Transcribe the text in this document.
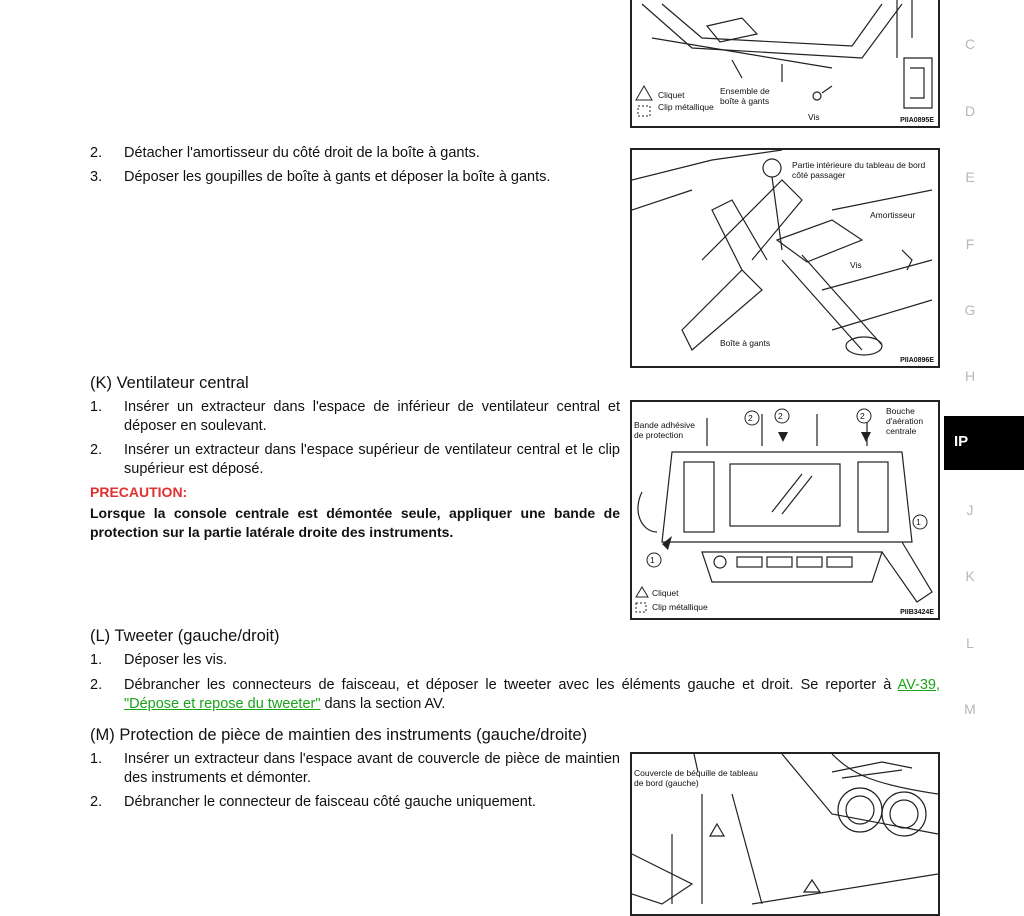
Cliquet
Clip métallique
Ensemble de boîte à gants
Vis	PIIA0895E
2. Détacher l'amortisseur du côté droit de la boîte à gants.
3. Déposer les goupilles de boîte à gants et déposer la boîte à gants.
Partie intérieure du tableau de bord côté passager
Amortisseur
Vis
Boîte à gants
PIIA0896E
(K) Ventilateur central
1. Insérer un extracteur dans l'espace de inférieur de ventilateur central et déposer en soulevant.
2. Insérer un extracteur dans l'espace supérieur de ventilateur central et le clip supérieur est déposé.
PRECAUTION:
Lorsque la console centrale est démontée seule, appliquer une bande de protection sur la partie latérale droite des instruments.
2	2	2
1
1
Bande adhésive de protection
Bouche d'aération centrale
Cliquet
Clip métallique
PIIB3424E
(L) Tweeter (gauche/droit)
1. Déposer les vis.
2. Débrancher les connecteurs de faisceau, et déposer le tweeter avec les éléments gauche et droit. Se reporter à AV-39, "Dépose et repose du tweeter" dans la section AV.
(M) Protection de pièce de maintien des instruments (gauche/droite)
1. Insérer un extracteur dans l'espace avant de couvercle de pièce de maintien des instruments et démonter.
2. Débrancher le connecteur de faisceau côté gauche uniquement.
Couvercle de béquille de tableau de bord (gauche)
C
D
E
F
G
H
IP
J
K
L
M
